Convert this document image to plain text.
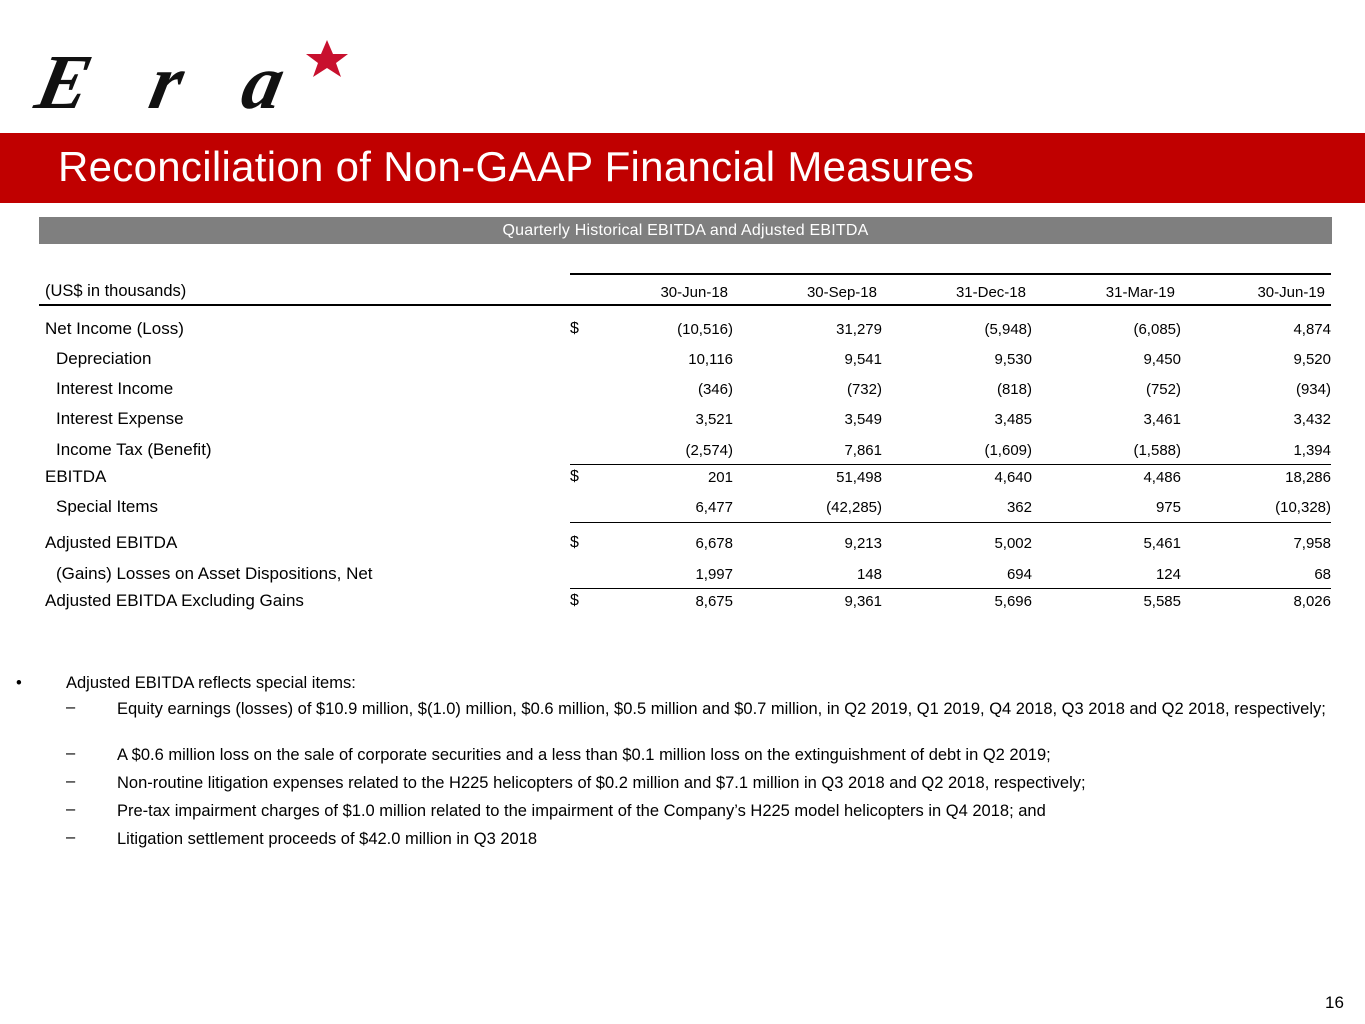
Era
Reconciliation of Non-GAAP Financial Measures
Quarterly Historical EBITDA and Adjusted EBITDA
(US$ in thousands)	30-Jun-18	30-Sep-18	31-Dec-18	31-Mar-19	30-Jun-19
Net Income (Loss)	$	(10,516)	31,279	(5,948)	(6,085)	4,874
Depreciation	10,116	9,541	9,530	9,450	9,520
Interest Income	(346)	(732)	(818)	(752)	(934)
Interest Expense	3,521	3,549	3,485	3,461	3,432
Income Tax (Benefit)	(2,574)	7,861	(1,609)	(1,588)	1,394
EBITDA	$	201	51,498	4,640	4,486	18,286
Special Items	6,477	(42,285)	362	975	(10,328)
Adjusted EBITDA	$	6,678	9,213	5,002	5,461	7,958
(Gains) Losses on Asset Dispositions, Net	1,997	148	694	124	68
Adjusted EBITDA Excluding Gains	$	8,675	9,361	5,696	5,585	8,026
•	Adjusted EBITDA reflects special items:
–	Equity earnings (losses) of $10.9 million, $(1.0) million, $0.6 million, $0.5 million and $0.7 million, in Q2 2019, Q1 2019, Q4 2018, Q3 2018 and Q2 2018, respectively;
–	A $0.6 million loss on the sale of corporate securities and a less than $0.1 million loss on the extinguishment of debt in Q2 2019;
–	Non-routine litigation expenses related to the H225 helicopters of $0.2 million and $7.1 million in Q3 2018 and Q2 2018, respectively;
–	Pre-tax impairment charges of $1.0 million related to the impairment of the Company’s H225 model helicopters in Q4 2018; and
–	Litigation settlement proceeds of $42.0 million in Q3 2018
16
